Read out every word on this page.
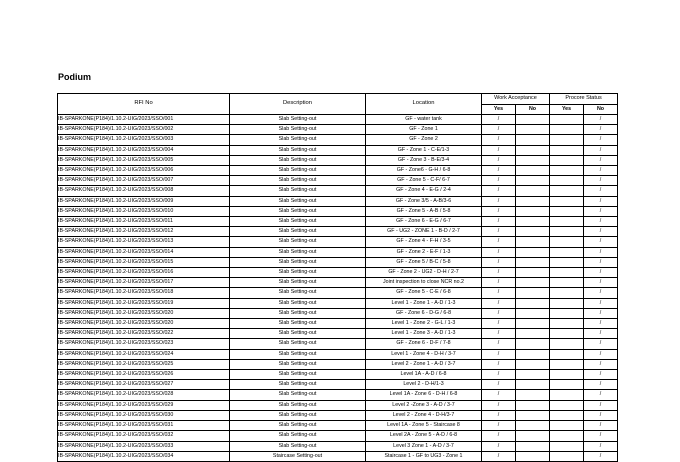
Podium
RFI No	Description	Location	Work Acceptance		Procore Status	
			Yes	No	Yes	No
IB-SPARKONE(P184)/1.10.2-UIG/2023/SSO/001	Slab Setting-out	GF - water tank	/			/
IB-SPARKONE(P184)/1.10.2-UIG/2023/SSO/002	Slab Setting-out	GF - Zone 1	/			/
IB-SPARKONE(P184)/1.10.2-UIG/2023/SSO/003	Slab Setting-out	GF - Zone 2	/			/
IB-SPARKONE(P184)/1.10.2-UIG/2023/SSO/004	Slab Setting-out	GF - Zone 1 - C-E/1-3	/			/
IB-SPARKONE(P184)/1.10.2-UIG/2023/SSO/005	Slab Setting-out	GF - Zone 3 - B-E/3-4	/			/
IB-SPARKONE(P184)/1.10.2-UIG/2023/SSO/006	Slab Setting-out	GF - Zone6 - G-H / 6-8	/			/
IB-SPARKONE(P184)/1.10.2-UIG/2023/SSO/007	Slab Setting-out	GF - Zone 5 - C-F/ 6-7	/			/
IB-SPARKONE(P184)/1.10.2-UIG/2023/SSO/008	Slab Setting-out	GF - Zone 4 - E-G / 2-4	/			/
IB-SPARKONE(P184)/1.10.2-UIG/2023/SSO/009	Slab Setting-out	GF - Zone 3/5 - A-B/3-6	/			/
IB-SPARKONE(P184)/1.10.2-UIG/2023/SSO/010	Slab Setting-out	GF - Zone 5 - A-B / 5-8	/			/
IB-SPARKONE(P184)/1.10.2-UIG/2023/SSO/011	Slab Setting-out	GF - Zone 6 - E-G / 6-7	/			/
IB-SPARKONE(P184)/1.10.2-UIG/2023/SSO/012	Slab Setting-out	GF - UG2 - ZONE 1 - B-D / 2-7	/			/
IB-SPARKONE(P184)/1.10.2-UIG/2023/SSO/013	Slab Setting-out	GF - Zone 4 - F-H / 3-5	/			/
IB-SPARKONE(P184)/1.10.2-UIG/2023/SSO/014	Slab Setting-out	GF - Zone 2 - E-F / 1-3	/			/
IB-SPARKONE(P184)/1.10.2-UIG/2023/SSO/015	Slab Setting-out	GF - Zone 5 / B-C / 5-8	/			/
IB-SPARKONE(P184)/1.10.2-UIG/2023/SSO/016	Slab Setting-out	GF - Zone 2 - UG2 - D-H / 2-7	/			/
IB-SPARKONE(P184)/1.10.2-UIG/2023/SSO/017	Slab Setting-out	Joint inspection to close NCR no.2	/			/
IB-SPARKONE(P184)/1.10.2-UIG/2023/SSO/018	Slab Setting-out	GF - Zone 5 - C-E / 6-8	/			/
IB-SPARKONE(P184)/1.10.2-UIG/2023/SSO/019	Slab Setting-out	Level 1 - Zone 1 - A-D / 1-3	/			/
IB-SPARKONE(P184)/1.10.2-UIG/2023/SSO/020	Slab Setting-out	GF - Zone 6 - D-G / 6-8	/			/
IB-SPARKONE(P184)/1.10.2-UIG/2023/SSO/020	Slab Setting-out	Level 1 - Zone 2 - G-L / 1-3	/			/
IB-SPARKONE(P184)/1.10.2-UIG/2023/SSO/022	Slab Setting-out	Level 1 - Zone 3 - A-D / 1-3	/			/
IB-SPARKONE(P184)/1.10.2-UIG/2023/SSO/023	Slab Setting-out	GF - Zone 6 - D-F / 7-8	/			/
IB-SPARKONE(P184)/1.10.2-UIG/2023/SSO/024	Slab Setting-out	Level 1 - Zone 4 - D-H / 3-7	/			/
IB-SPARKONE(P184)/1.10.2-UIG/2023/SSO/025	Slab Setting-out	Level 2 - Zone 1 - A-D / 3-7	/			/
IB-SPARKONE(P184)/1.10.2-UIG/2023/SSO/026	Slab Setting-out	Level 1A - A-D / 6-8	/			/
IB-SPARKONE(P184)/1.10.2-UIG/2023/SSO/027	Slab Setting-out	Level 2 - D-H/1-3	/			/
IB-SPARKONE(P184)/1.10.2-UIG/2023/SSO/028	Slab Setting-out	Level 1A - Zone 6 - D-H / 6-8	/			/
IB-SPARKONE(P184)/1.10.2-UIG/2023/SSO/029	Slab Setting-out	Level 2 -Zone 3 - A-D / 3-7	/			/
IB-SPARKONE(P184)/1.10.2-UIG/2023/SSO/030	Slab Setting-out	Level 2 - Zone 4 - D-H/3-7	/			/
IB-SPARKONE(P184)/1.10.2-UIG/2023/SSO/031	Slab Setting-out	Level 1A - Zone 5 - Staircase 8	/			/
IB-SPARKONE(P184)/1.10.2-UIG/2023/SSO/032	Slab Setting-out	Level 2A - Zone 5 - A-D / 6-8	/			/
IB-SPARKONE(P184)/1.10.2-UIG/2023/SSO/033	Slab Setting-out	Level 3 Zone 1 - A-D / 3-7	/			/
IB-SPARKONE(P184)/1.10.2-UIG/2023/SSO/034	Staircase Setting-out	Staircase 1 - GF to UG3 - Zone 1	/			/
